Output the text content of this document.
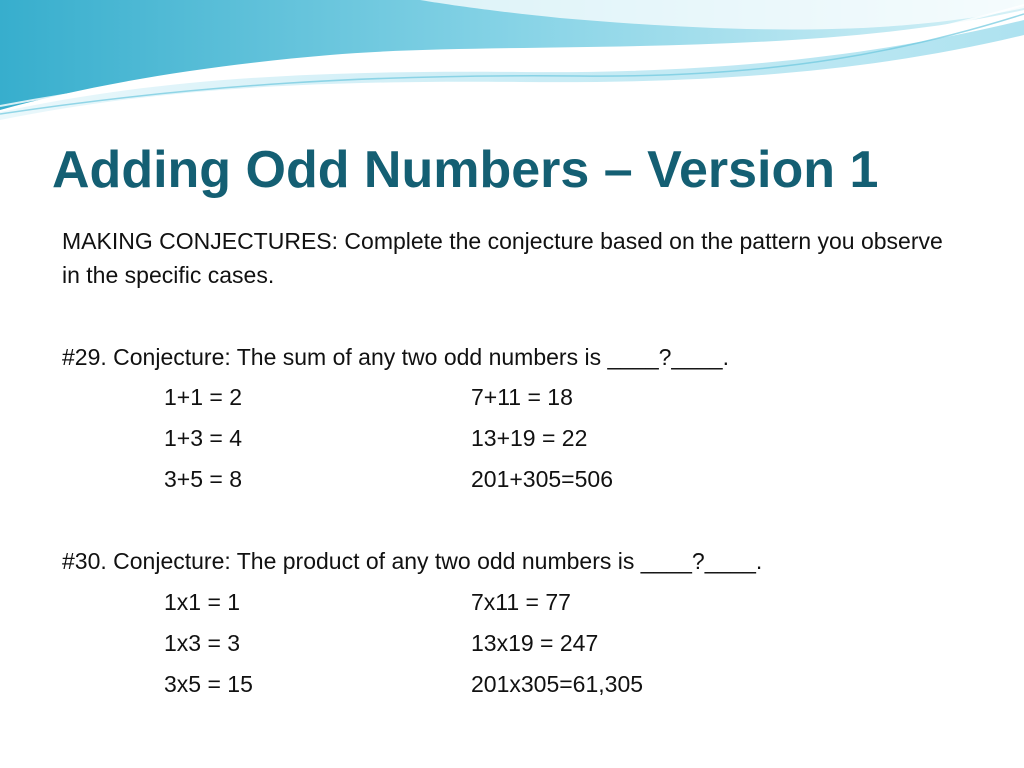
Adding Odd Numbers – Version 1

MAKING CONJECTURES: Complete the conjecture based on the pattern you observe in the specific cases.

#29. Conjecture: The sum of any two odd numbers is ____?____.
1+1 = 2	7+11 = 18
1+3 = 4	13+19 = 22
3+5 = 8	201+305=506
#30. Conjecture: The product of any two odd numbers is ____?____.
1x1 = 1	7x11 = 77
1x3 = 3	13x19 = 247
3x5 = 15	201x305=61,305
